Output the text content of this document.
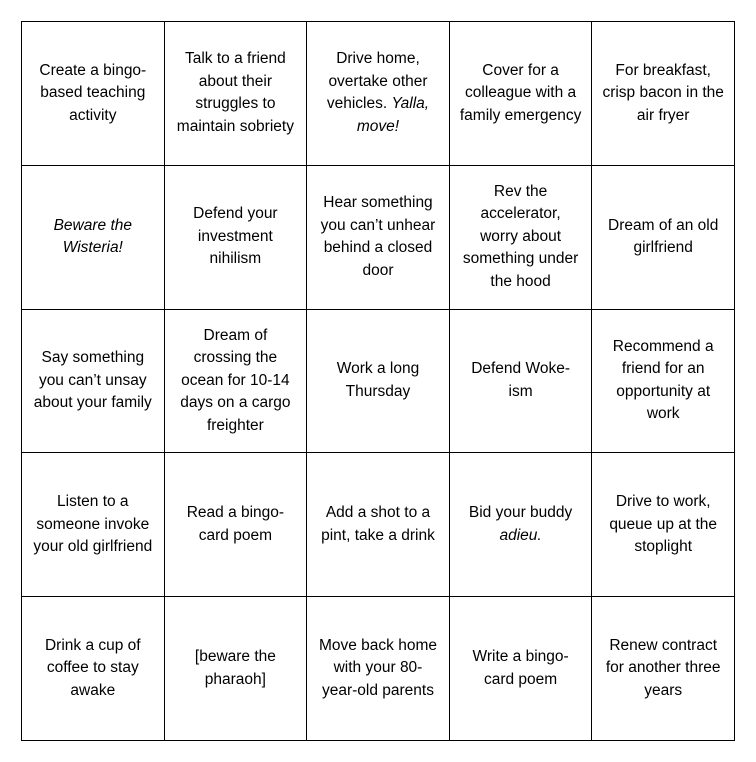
Create a bingo-based teaching activity
Talk to a friend about their struggles to maintain sobriety
Drive home, overtake other vehicles. Yalla, move!
Cover for a colleague with a family emergency
For breakfast, crisp bacon in the air fryer
Beware the Wisteria!
Defend your investment nihilism
Hear something you can’t unhear behind a closed door
Rev the accelerator, worry about something under the hood
Dream of an old girlfriend
Say something you can’t unsay about your family
Dream of crossing the ocean for 10-14 days on a cargo freighter
Work a long Thursday
Defend Woke-ism
Recommend a friend for an opportunity at work
Listen to a someone invoke your old girlfriend
Read a bingo-card poem
Add a shot to a pint, take a drink
Bid your buddy adieu.
Drive to work, queue up at the stoplight
Drink a cup of coffee to stay awake
[beware the pharaoh]
Move back home with your 80-year-old parents
Write a bingo-card poem
Renew contract for another three years
